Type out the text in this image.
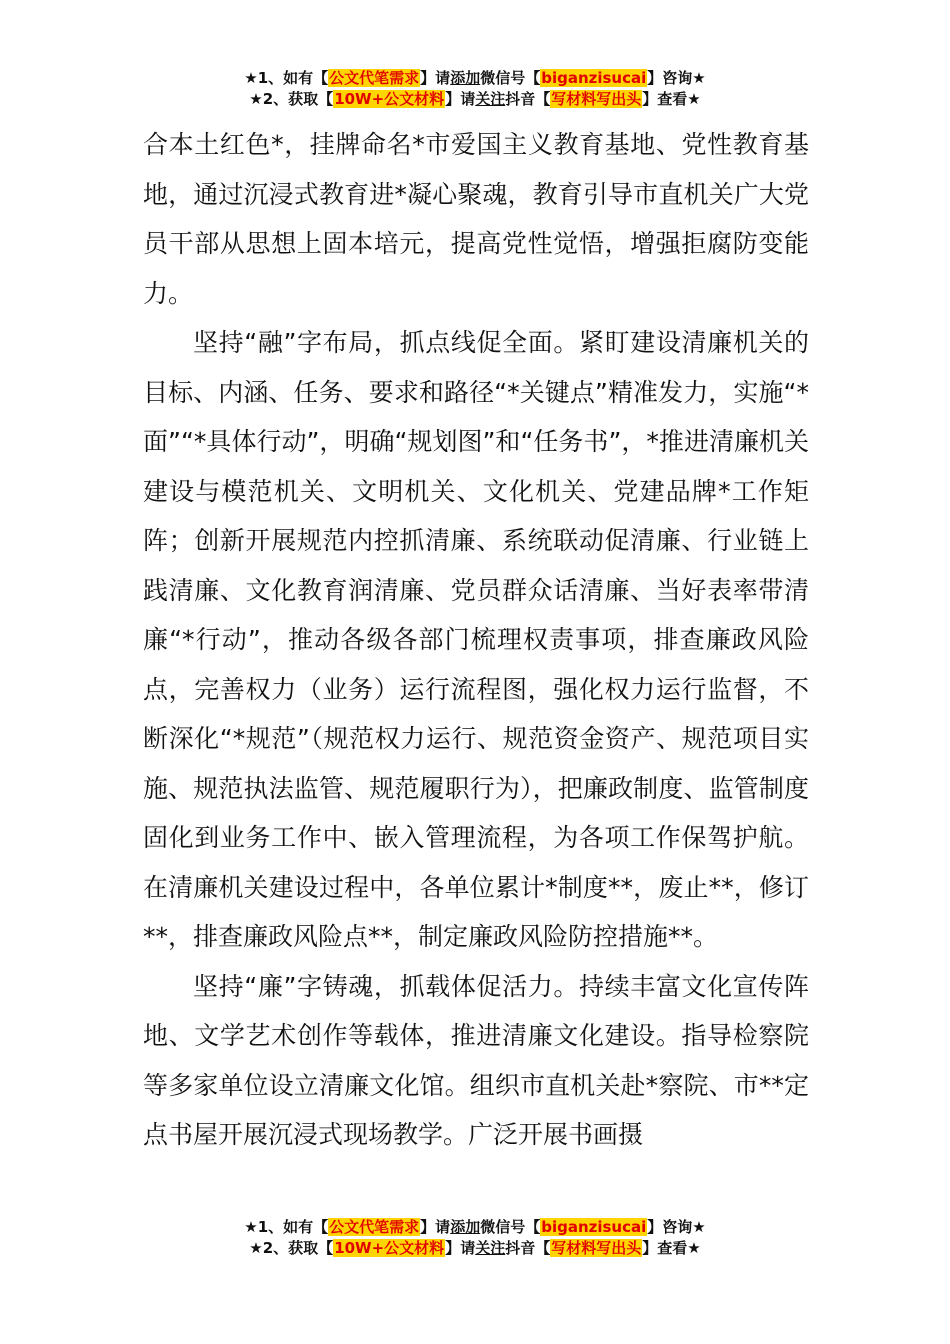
★1、如有【公文代笔需求】请添加微信号【biganzisucai】咨询★
★2、获取【10W+公文材料】请关注抖音【写材料写出头】查看★

合本土红色*，挂牌命名*市爱国主义教育基地、党性教育基地，通过沉浸式教育进*凝心聚魂，教育引导市直机关广大党员干部从思想上固本培元，提高党性觉悟，增强拒腐防变能力。

坚持“融”字布局，抓点线促全面。紧盯建设清廉机关的目标、内涵、任务、要求和路径“*关键点”精准发力，实施“*面”“*具体行动”，明确“规划图”和“任务书”，*推进清廉机关建设与模范机关、文明机关、文化机关、党建品牌*工作矩阵；创新开展规范内控抓清廉、系统联动促清廉、行业链上践清廉、文化教育润清廉、党员群众话清廉、当好表率带清廉“*行动”，推动各级各部门梳理权责事项，排查廉政风险点，完善权力（业务）运行流程图，强化权力运行监督，不断深化“*规范”（规范权力运行、规范资金资产、规范项目实施、规范执法监管、规范履职行为），把廉政制度、监管制度固化到业务工作中、嵌入管理流程，为各项工作保驾护航。在清廉机关建设过程中，各单位累计*制度**，废止**，修订**，排查廉政风险点**，制定廉政风险防控措施**。

坚持“廉”字铸魂，抓载体促活力。持续丰富文化宣传阵地、文学艺术创作等载体，推进清廉文化建设。指导检察院等多家单位设立清廉文化馆。组织市直机关赴*察院、市**定点书屋开展沉浸式现场教学。广泛开展书画摄

★1、如有【公文代笔需求】请添加微信号【biganzisucai】咨询★
★2、获取【10W+公文材料】请关注抖音【写材料写出头】查看★
